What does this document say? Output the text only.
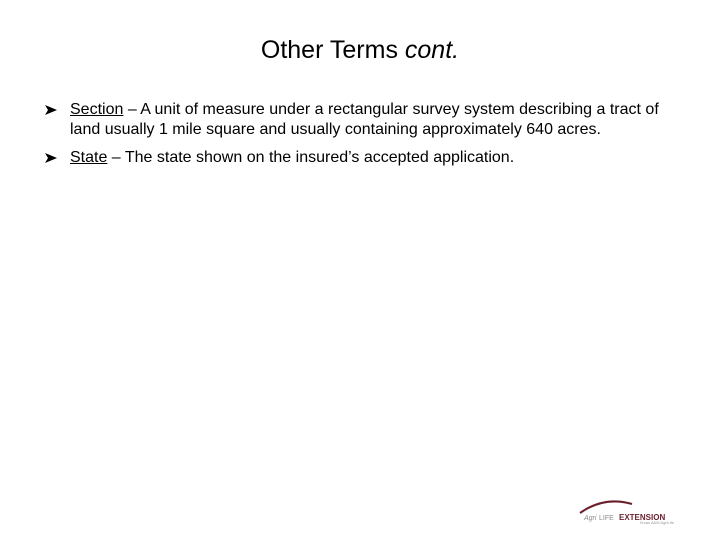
Other Terms cont.
Section – A unit of measure under a rectangular survey system describing a tract of land usually 1 mile square and usually containing approximately 640 acres.
State – The state shown on the insured’s accepted application.
Agri LIFE EXTENSION
Texas A&M AgriLife
